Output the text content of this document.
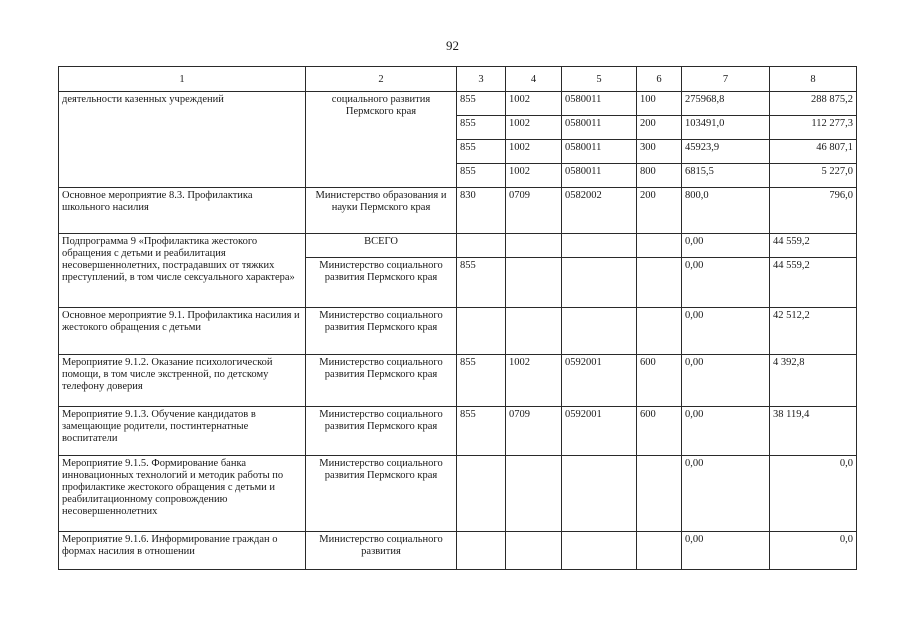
92
1	2	3	4	5	6	7	8
деятельности казенных учреждений	социального развития Пермского края	855	1002	0580011	100	275968,8	288 875,2
		855	1002	0580011	200	103491,0	112 277,3
		855	1002	0580011	300	45923,9	46 807,1
		855	1002	0580011	800	6815,5	5 227,0
Основное мероприятие 8.3. Профилактика школьного насилия	Министерство образования и науки Пермского края	830	0709	0582002	200	800,0	796,0
Подпрограмма 9 «Профилактика жестокого обращения с детьми и реабилитация несовершеннолетних, пострадавших от тяжких преступлений, в том числе сексуального характера»	ВСЕГО					0,00	44 559,2
	Министерство социального развития Пермского края	855				0,00	44 559,2
Основное мероприятие 9.1. Профилактика насилия и жестокого обращения с детьми	Министерство социального развития Пермского края					0,00	42 512,2
Мероприятие 9.1.2. Оказание психологической помощи, в том числе экстренной, по детскому телефону доверия	Министерство социального развития Пермского края	855	1002	0592001	600	0,00	4 392,8
Мероприятие 9.1.3. Обучение кандидатов в замещающие родители, постинтернатные воспитатели	Министерство социального развития Пермского края	855	0709	0592001	600	0,00	38 119,4
Мероприятие 9.1.5. Формирование банка инновационных технологий и методик работы по профилактике жестокого обращения с детьми и реабилитационному сопровождению несовершеннолетних	Министерство социального развития Пермского края					0,00	0,0
Мероприятие 9.1.6. Информирование граждан о формах насилия в отношении	Министерство социального развития					0,00	0,0
